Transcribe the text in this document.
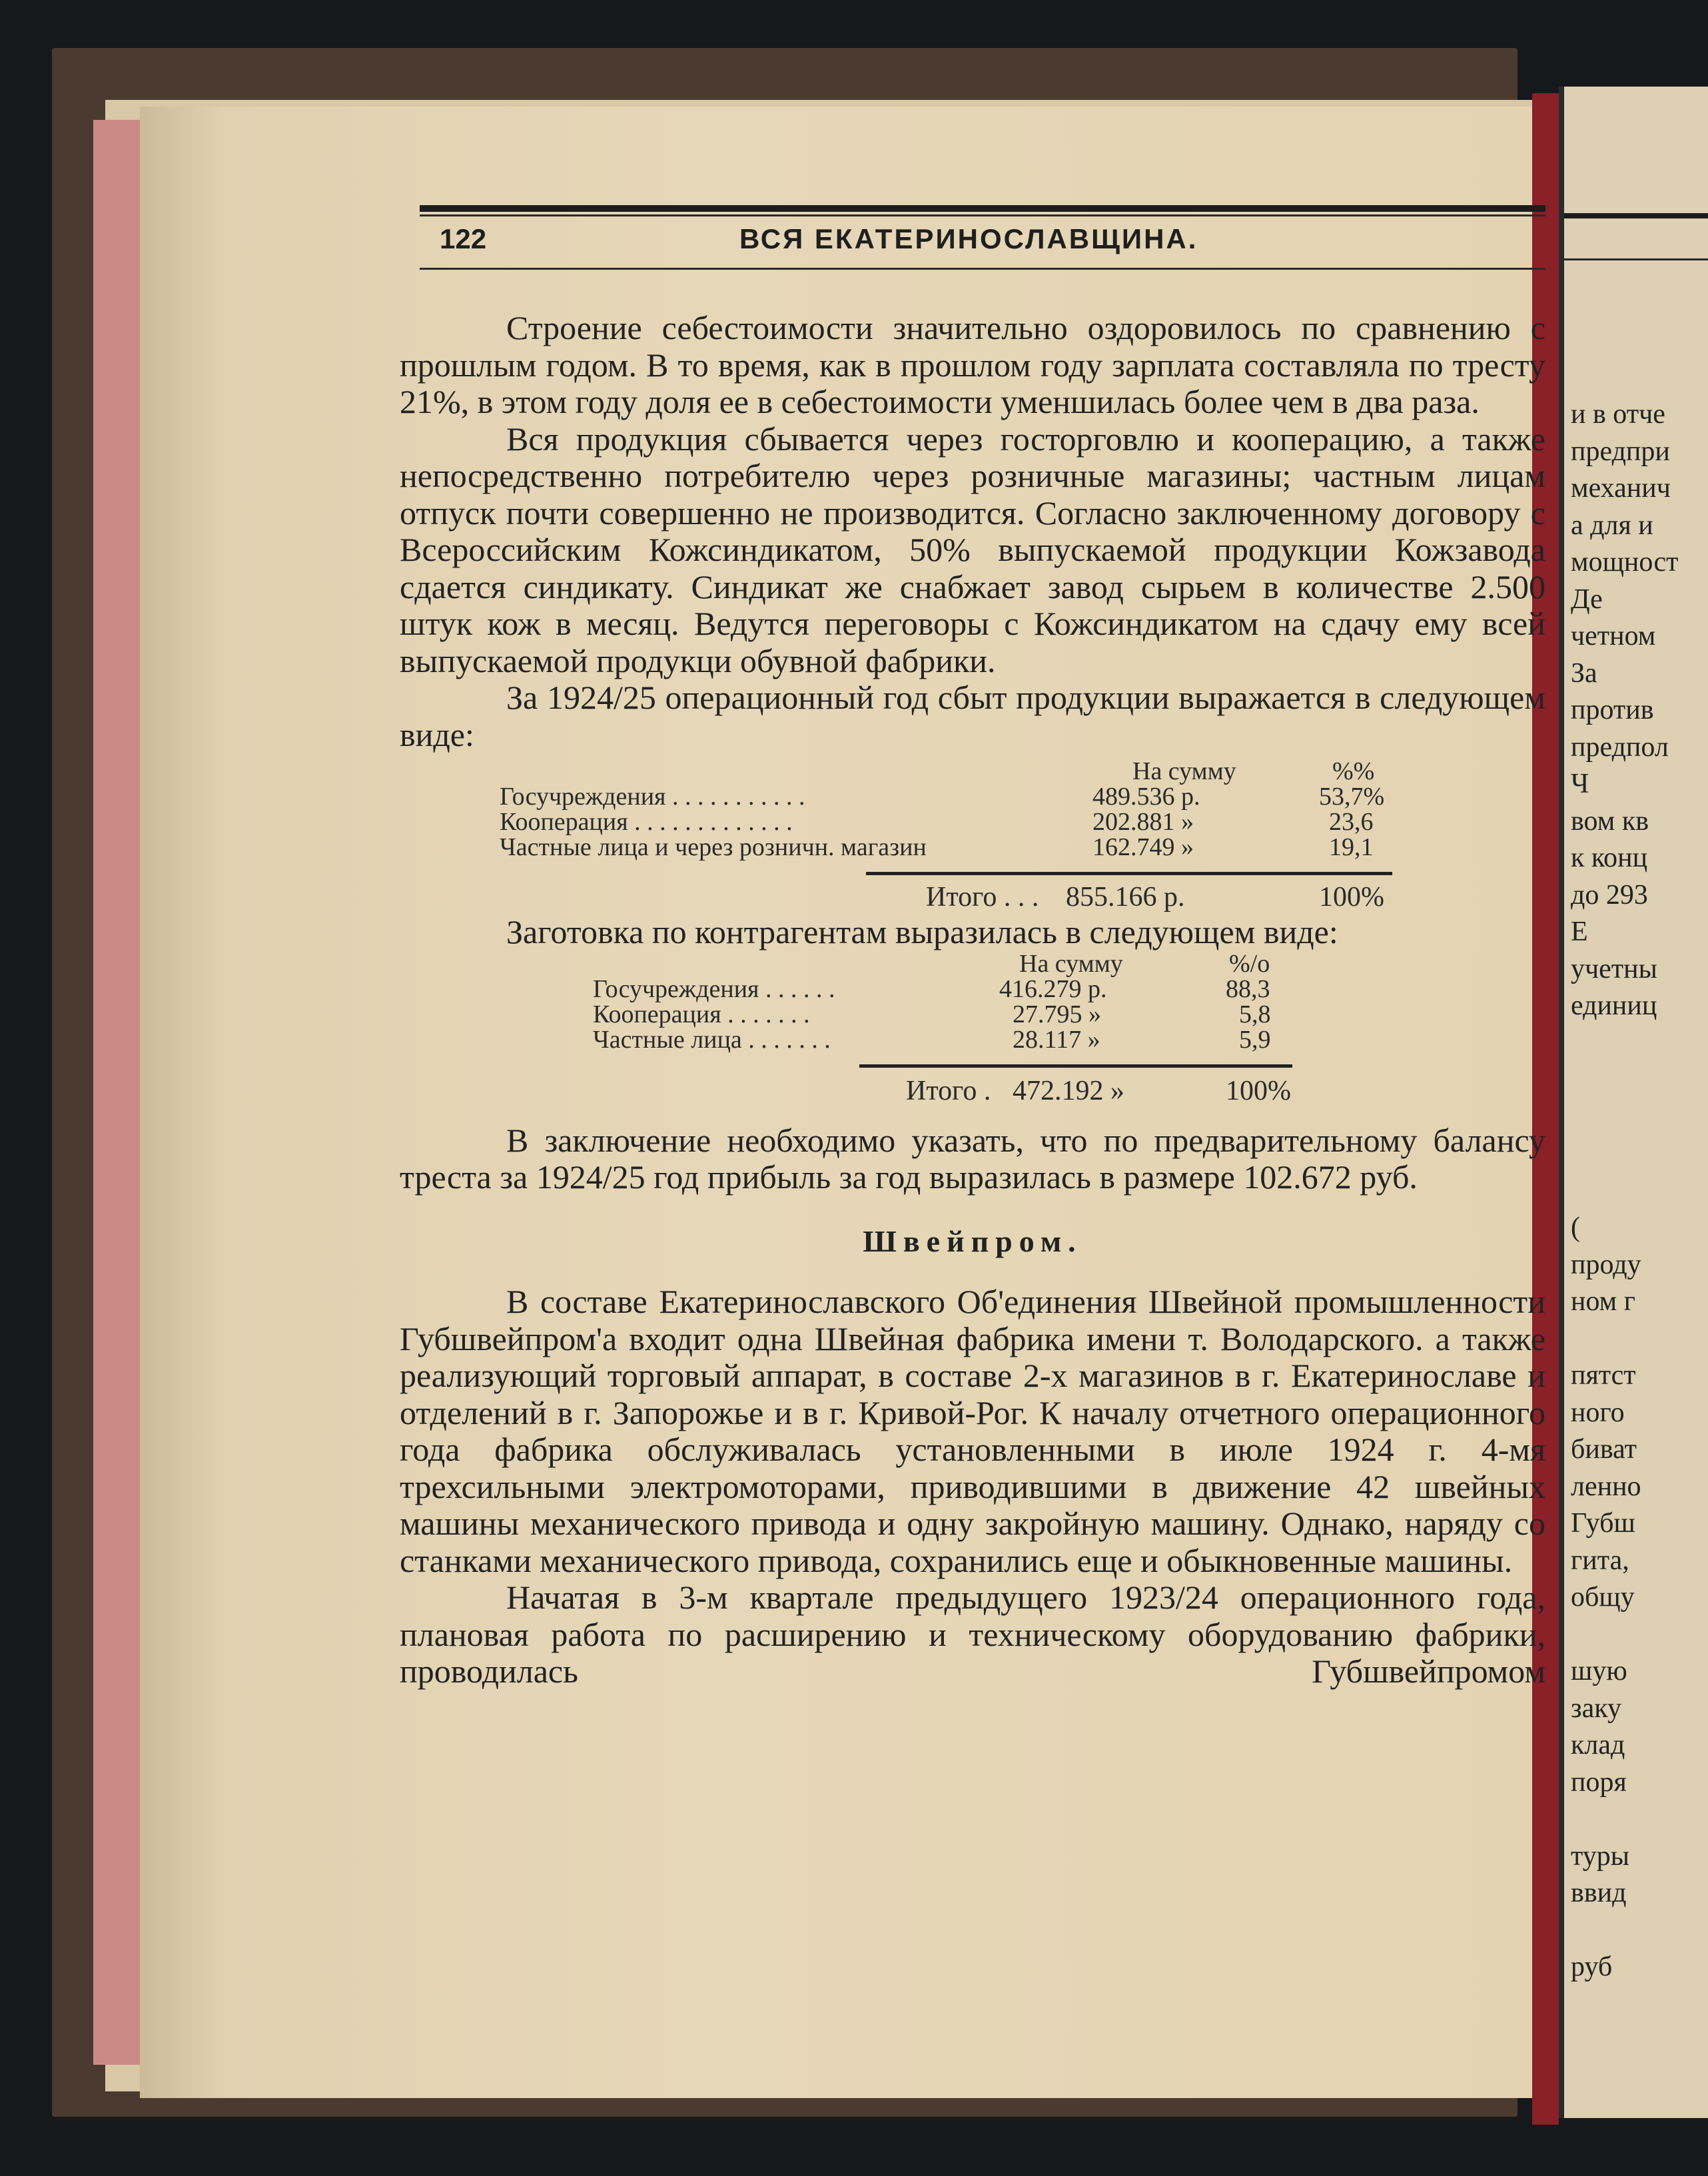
и в отче
предпри
механич
а для и
мощност
Де
четном
За
против
предпол
Ч
вом кв
к конц
до 293
Е
учетны
единиц
(
проду
ном г
пятст
ного
биват
ленно
Губш
гита,
общу
шую
заку
клад
поря
туры
ввид
руб
122	ВСЯ ЕКАТЕРИНОСЛАВЩИНА.

Строение себестоимости значительно оздоровилось по сравнению с прошлым годом. В то время, как в прошлом году зарплата составляла по тресту 21%, в этом году доля ее в себестоимости уменшилась более чем в два раза.

Вся продукция сбывается через госторговлю и кооперацию, а также непосредственно потребителю через розничные магазины; частным лицам отпуск почти совершенно не производится. Согласно заключенному договору с Всероссийским Кожсиндикатом, 50% выпускаемой продукции Кожзавода сдается синдикату. Синдикат же снабжает завод сырьем в количестве 2.500 штук кож в месяц. Ведутся переговоры с Кожсиндикатом на сдачу ему всей выпускаемой продукци обувной фабрики.

За 1924/25 операционный год сбыт продукции выражается в следующем виде:

На сумму	%%
Госучреждения . . . . . . . . . . .	489.536 р.	53,7%
Кооперация . . . . . . . . . . . . .	202.881 »	23,6
Частные лица и через розничн. магазин	162.749 »	19,1
Итого . . . 855.166 р.	100%

Заготовка по контрагентам выразилась в следующем виде:

На сумму	%/о
Госучреждения . . . . . .	416.279 р.	88,3
Кооперация . . . . . . .	27.795 »	5,8
Частные лица . . . . . . .	28.117 »	5,9
Итого . 472.192 »	100%

В заключение необходимо указать, что по предварительному балансу треста за 1924/25 год прибыль за год выразилась в размере 102.672 руб.

Швейпром.

В составе Екатеринославского Об'единения Швейной промышленности Губшвейпром'а входит одна Швейная фабрика имени т. Володарского. а также реализующий торговый аппарат, в составе 2-х магазинов в г. Екатеринославе и отделений в г. Запорожье и в г. Кривой-Рог. К началу отчетного операционного года фабрика обслуживалась установленными в июле 1924 г. 4-мя трехсильными электромоторами, приводившими в движение 42 швейных машины механического привода и одну закройную машину. Однако, наряду со станками механического привода, сохранились еще и обыкновенные машины.

Начатая в 3-м квартале предыдущего 1923/24 операционного года, плановая работа по расширению и техническому оборудованию фабрики, проводилась Губшвейпромом
